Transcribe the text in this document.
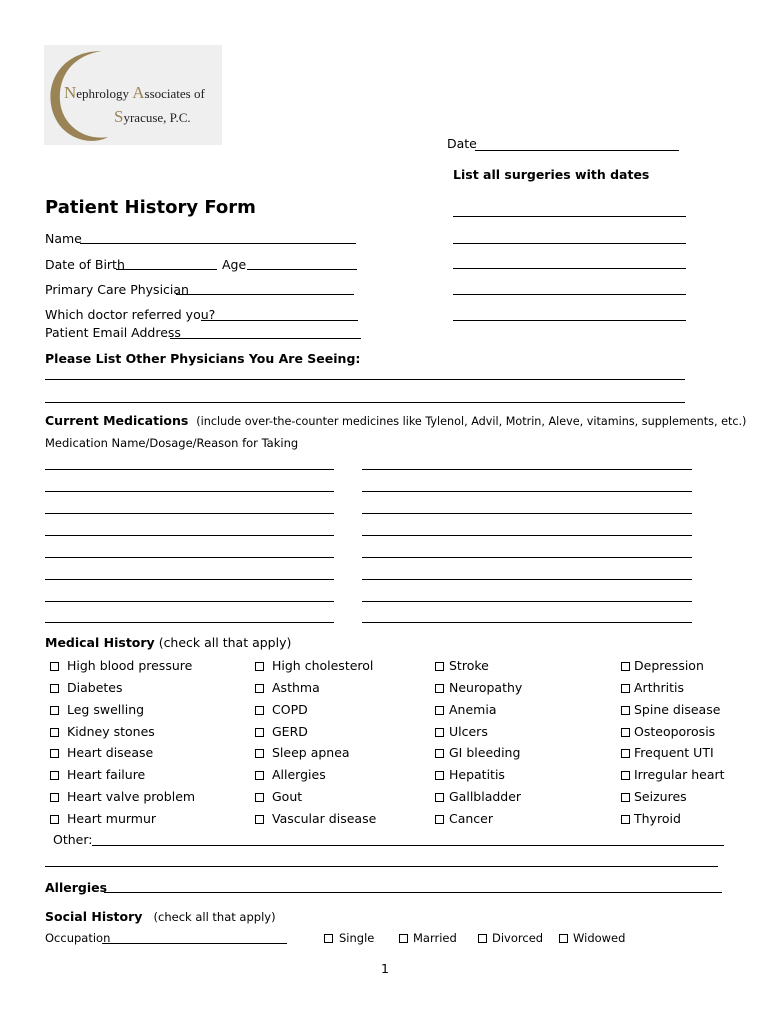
Nephrology Associates of
Syracuse, P.C.
Date
List all surgeries with dates
Patient History Form
Name
Date of Birth	Age
Primary Care Physician
Which doctor referred you?
Patient Email Address
Please List Other Physicians You Are Seeing:
Current Medications (include over-the-counter medicines like Tylenol, Advil, Motrin, Aleve, vitamins, supplements, etc.)
Medication Name/Dosage/Reason for Taking
Medical History (check all that apply)
High blood pressure
Diabetes
Leg swelling
Kidney stones
Heart disease
Heart failure
Heart valve problem
Heart murmur
High cholesterol
Asthma
COPD
GERD
Sleep apnea
Allergies
Gout
Vascular disease
Stroke
Neuropathy
Anemia
Ulcers
GI bleeding
Hepatitis
Gallbladder
Cancer
Depression
Arthritis
Spine disease
Osteoporosis
Frequent UTI
Irregular heart
Seizures
Thyroid
Other:
Allergies
Social History (check all that apply)
Occupation	Single	Married	Divorced	Widowed
1
